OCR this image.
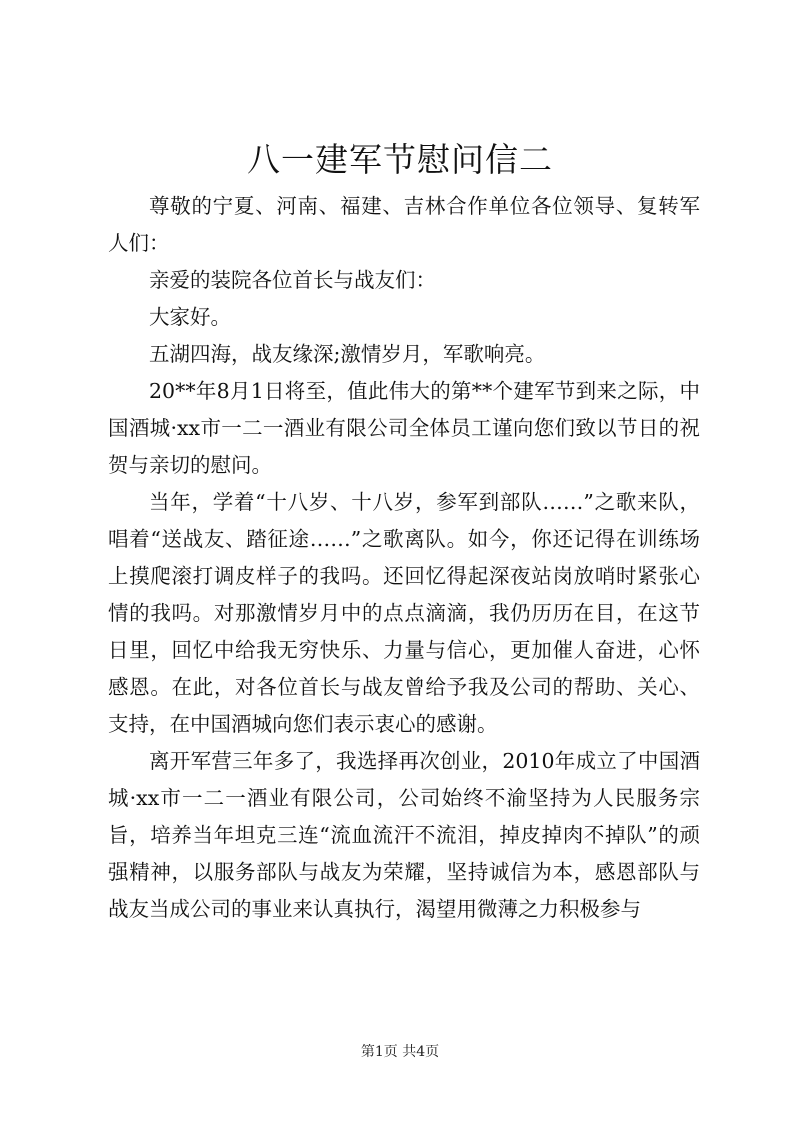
八一建军节慰问信二

尊敬的宁夏、河南、福建、吉林合作单位各位领导、复转军人们：

亲爱的装院各位首长与战友们：

大家好。

五湖四海，战友缘深;激情岁月，军歌响亮。

20**年8月1日将至，值此伟大的第**个建军节到来之际，中国酒城·xx市一二一酒业有限公司全体员工谨向您们致以节日的祝贺与亲切的慰问。

当年，学着“十八岁、十八岁，参军到部队……”之歌来队，唱着“送战友、踏征途……”之歌离队。如今，你还记得在训练场上摸爬滚打调皮样子的我吗。还回忆得起深夜站岗放哨时紧张心情的我吗。对那激情岁月中的点点滴滴，我仍历历在目，在这节日里，回忆中给我无穷快乐、力量与信心，更加催人奋进，心怀感恩。在此，对各位首长与战友曾给予我及公司的帮助、关心、支持，在中国酒城向您们表示衷心的感谢。

离开军营三年多了，我选择再次创业，2010年成立了中国酒城·xx市一二一酒业有限公司，公司始终不渝坚持为人民服务宗旨，培养当年坦克三连“流血流汗不流泪，掉皮掉肉不掉队”的顽强精神，以服务部队与战友为荣耀，坚持诚信为本，感恩部队与战友当成公司的事业来认真执行，渴望用微薄之力积极参与

第1页 共4页
